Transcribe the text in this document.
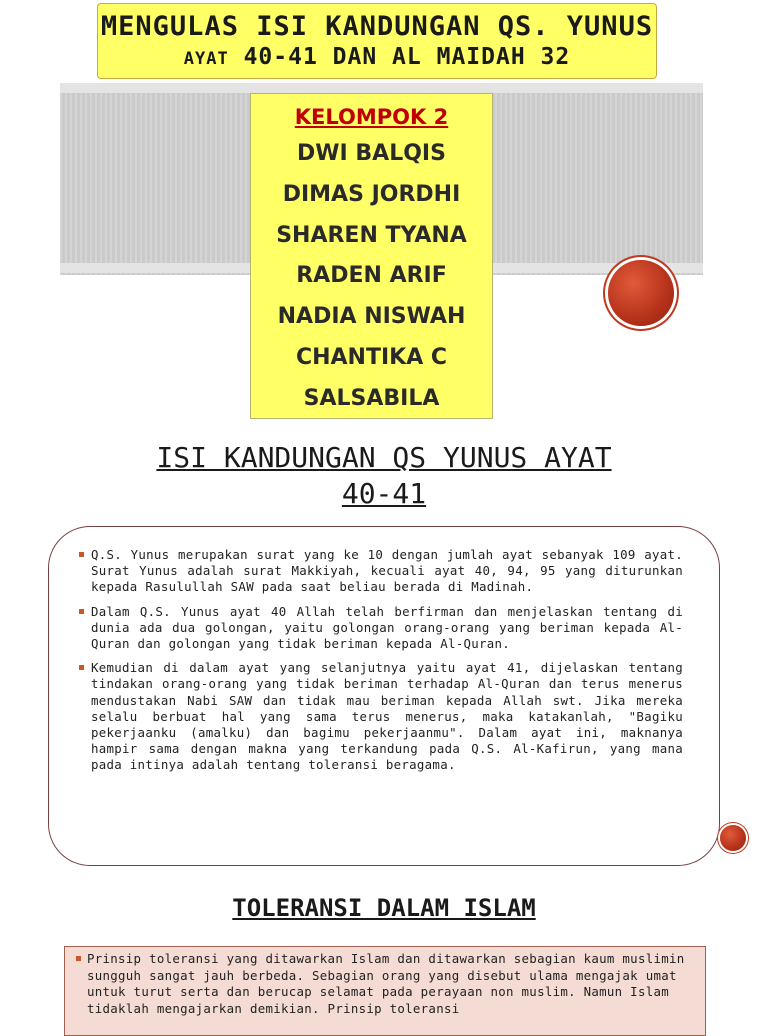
MENGULAS ISI KANDUNGAN QS. YUNUS
AYAT 40-41 DAN AL MAIDAH 32
KELOMPOK 2
DWI BALQIS
DIMAS JORDHI
SHAREN TYANA
RADEN ARIF
NADIA NISWAH
CHANTIKA C
SALSABILA
ISI KANDUNGAN QS YUNUS AYAT
40-41
Q.S. Yunus merupakan surat yang ke 10 dengan jumlah ayat sebanyak 109 ayat. Surat Yunus adalah surat Makkiyah, kecuali ayat 40, 94, 95 yang diturunkan kepada Rasulullah SAW pada saat beliau berada di Madinah.
Dalam Q.S. Yunus ayat 40 Allah telah berfirman dan menjelaskan tentang di dunia ada dua golongan, yaitu golongan orang-orang yang beriman kepada Al-Quran dan golongan yang tidak beriman kepada Al-Quran.
Kemudian di dalam ayat yang selanjutnya yaitu ayat 41, dijelaskan tentang tindakan orang-orang yang tidak beriman terhadap Al-Quran dan terus menerus mendustakan Nabi SAW dan tidak mau beriman kepada Allah swt. Jika mereka selalu berbuat hal yang sama terus menerus, maka katakanlah, "Bagiku pekerjaanku (amalku) dan bagimu pekerjaanmu". Dalam ayat ini, maknanya hampir sama dengan makna yang terkandung pada Q.S. Al-Kafirun, yang mana pada intinya adalah tentang toleransi beragama.
TOLERANSI DALAM ISLAM
Prinsip toleransi yang ditawarkan Islam dan ditawarkan sebagian kaum muslimin sungguh sangat jauh berbeda. Sebagian orang yang disebut ulama mengajak umat untuk turut serta dan berucap selamat pada perayaan non muslim. Namun Islam tidaklah mengajarkan demikian. Prinsip toleransi
